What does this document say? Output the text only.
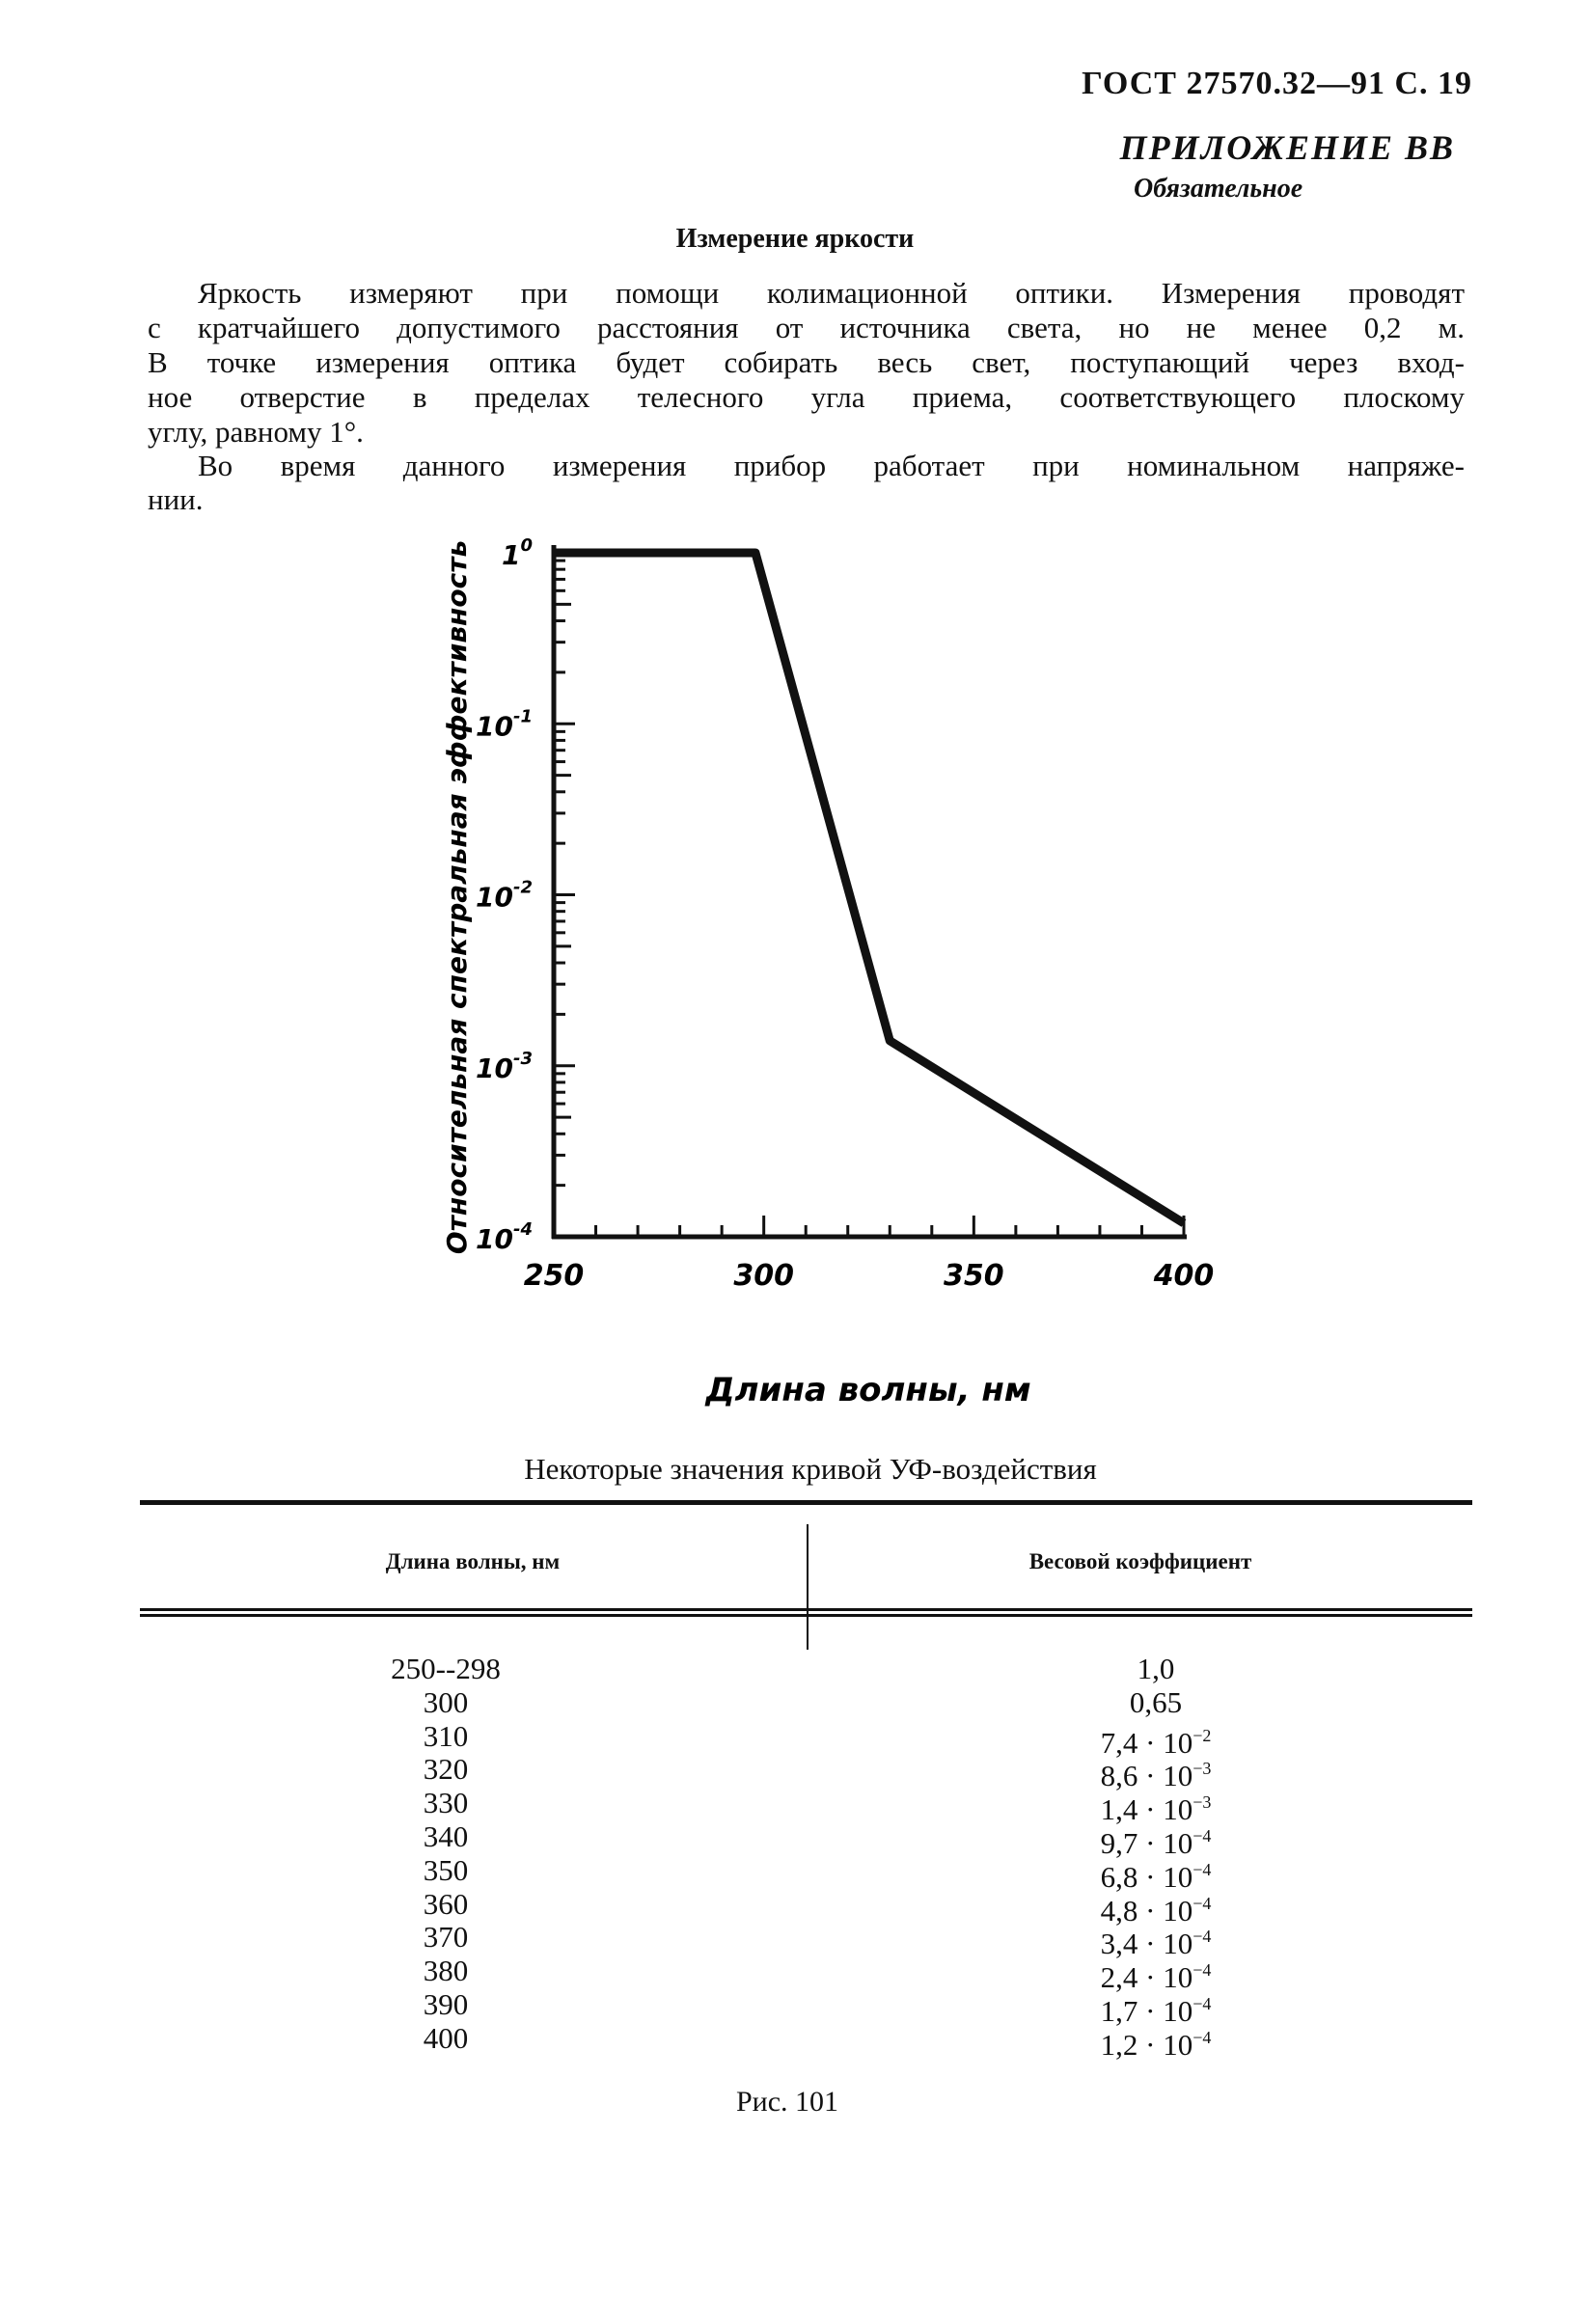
ГОСТ 27570.32—91 С. 19
ПРИЛОЖЕНИЕ ВВ
Обязательное
Измерение яркости
Яркость измеряют при помощи колимационной оптики. Измерения проводят
с кратчайшего допустимого расстояния от источника света, но не менее 0,2 м.
В точке измерения оптика будет собирать весь свет, поступающий через вход-
ное отверстие в пределах телесного угла приема, соответствующего плоскому
углу, равному 1°.
Во время данного измерения прибор работает при номинальном напряже-
нии.
250	300	350	400
$1^0$
$10^{-1}$
$10^{-2}$
$10^{-3}$
$10^{-4}$
Длина волны, нм
Относительная спектральная эффективность
Некоторые значения кривой УФ-воздействия
Длина волны, нм	Весовой коэффициент
250--298	1,0
300	0,65
310	$7,4 \cdot 10^{-2}$
320	$8,6 \cdot 10^{-3}$
330	$1,4 \cdot 10^{-3}$
340	$9,7 \cdot 10^{-4}$
350	$6,8 \cdot 10^{-4}$
360	$4,8 \cdot 10^{-4}$
370	$3,4 \cdot 10^{-4}$
380	$2,4 \cdot 10^{-4}$
390	$1,7 \cdot 10^{-4}$
400	$1,2 \cdot 10^{-4}$
Рис. 101
